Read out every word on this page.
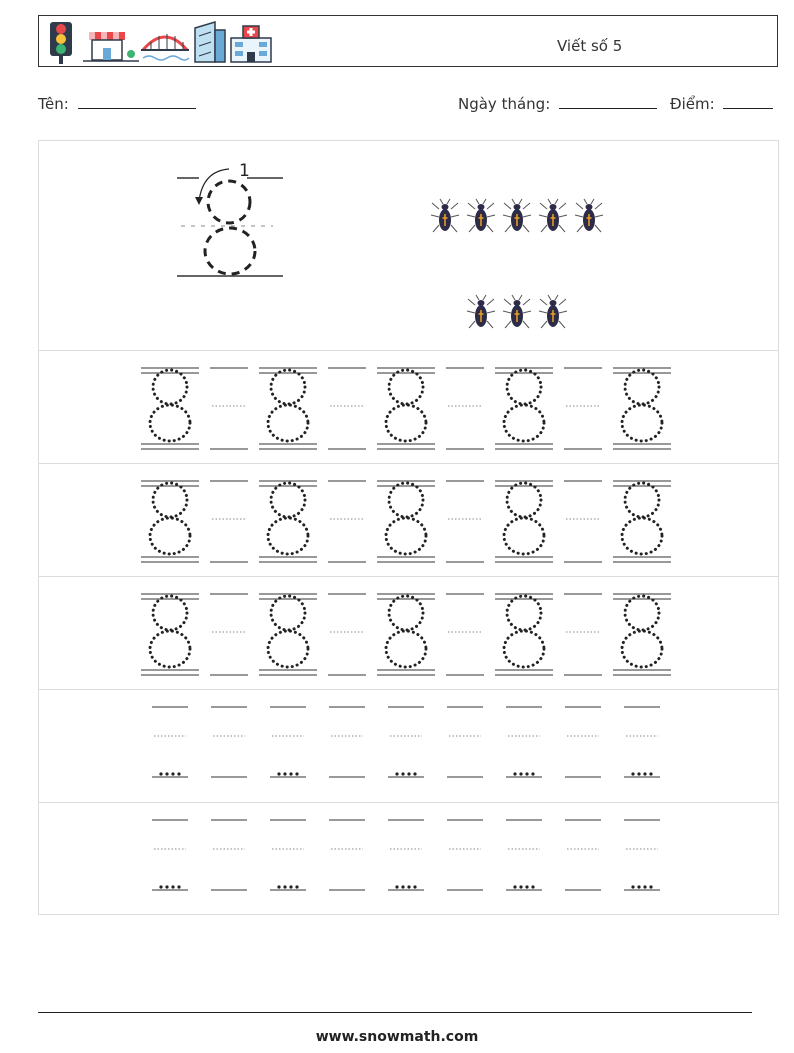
Viết số 5
Tên:	Ngày tháng:	Điểm:
1
www.snowmath.com
